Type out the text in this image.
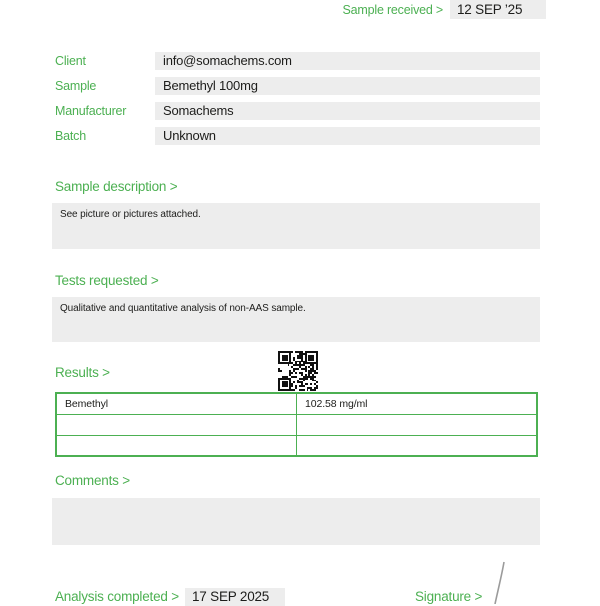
Sample received >	12 SEP ’25
Client	info@somachems.com
Sample	Bemethyl 100mg
Manufacturer	Somachems
Batch	Unknown
Sample description >
See picture or pictures attached.
Tests requested >
Qualitative and quantitative analysis of non-AAS sample.
Results >
Bemethyl	102.58 mg/ml

Comments >
Analysis completed > 17 SEP 2025	Signature >
